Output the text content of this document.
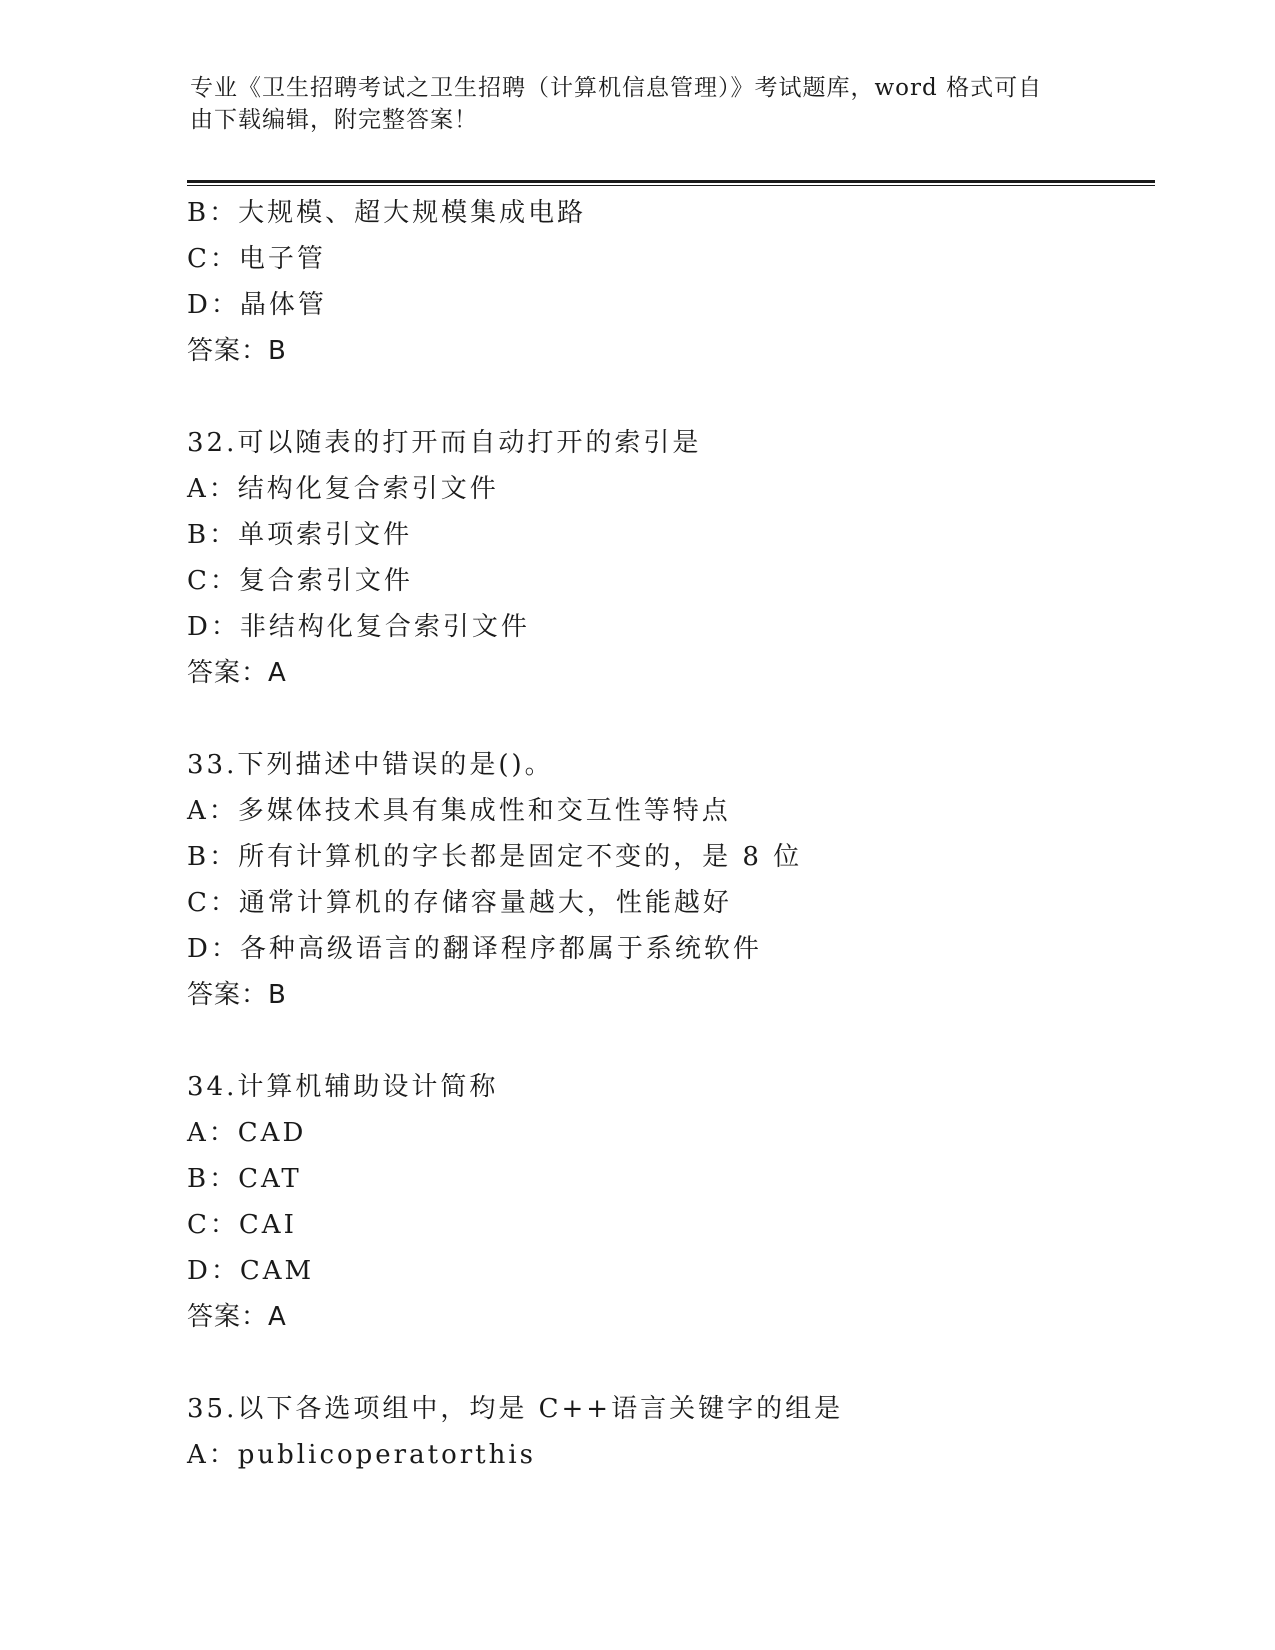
专业《卫生招聘考试之卫生招聘（计算机信息管理）》考试题库，word 格式可自
由下载编辑，附完整答案！
B：大规模、超大规模集成电路
C：电子管
D：晶体管
答案：B
32.可以随表的打开而自动打开的索引是
A：结构化复合索引文件
B：单项索引文件
C：复合索引文件
D：非结构化复合索引文件
答案：A
33.下列描述中错误的是()。
A：多媒体技术具有集成性和交互性等特点
B：所有计算机的字长都是固定不变的，是 8 位
C：通常计算机的存储容量越大，性能越好
D：各种高级语言的翻译程序都属于系统软件
答案：B
34.计算机辅助设计简称
A：CAD
B：CAT
C：CAI
D：CAM
答案：A
35.以下各选项组中，均是 C++语言关键字的组是
A：publicoperatorthis
